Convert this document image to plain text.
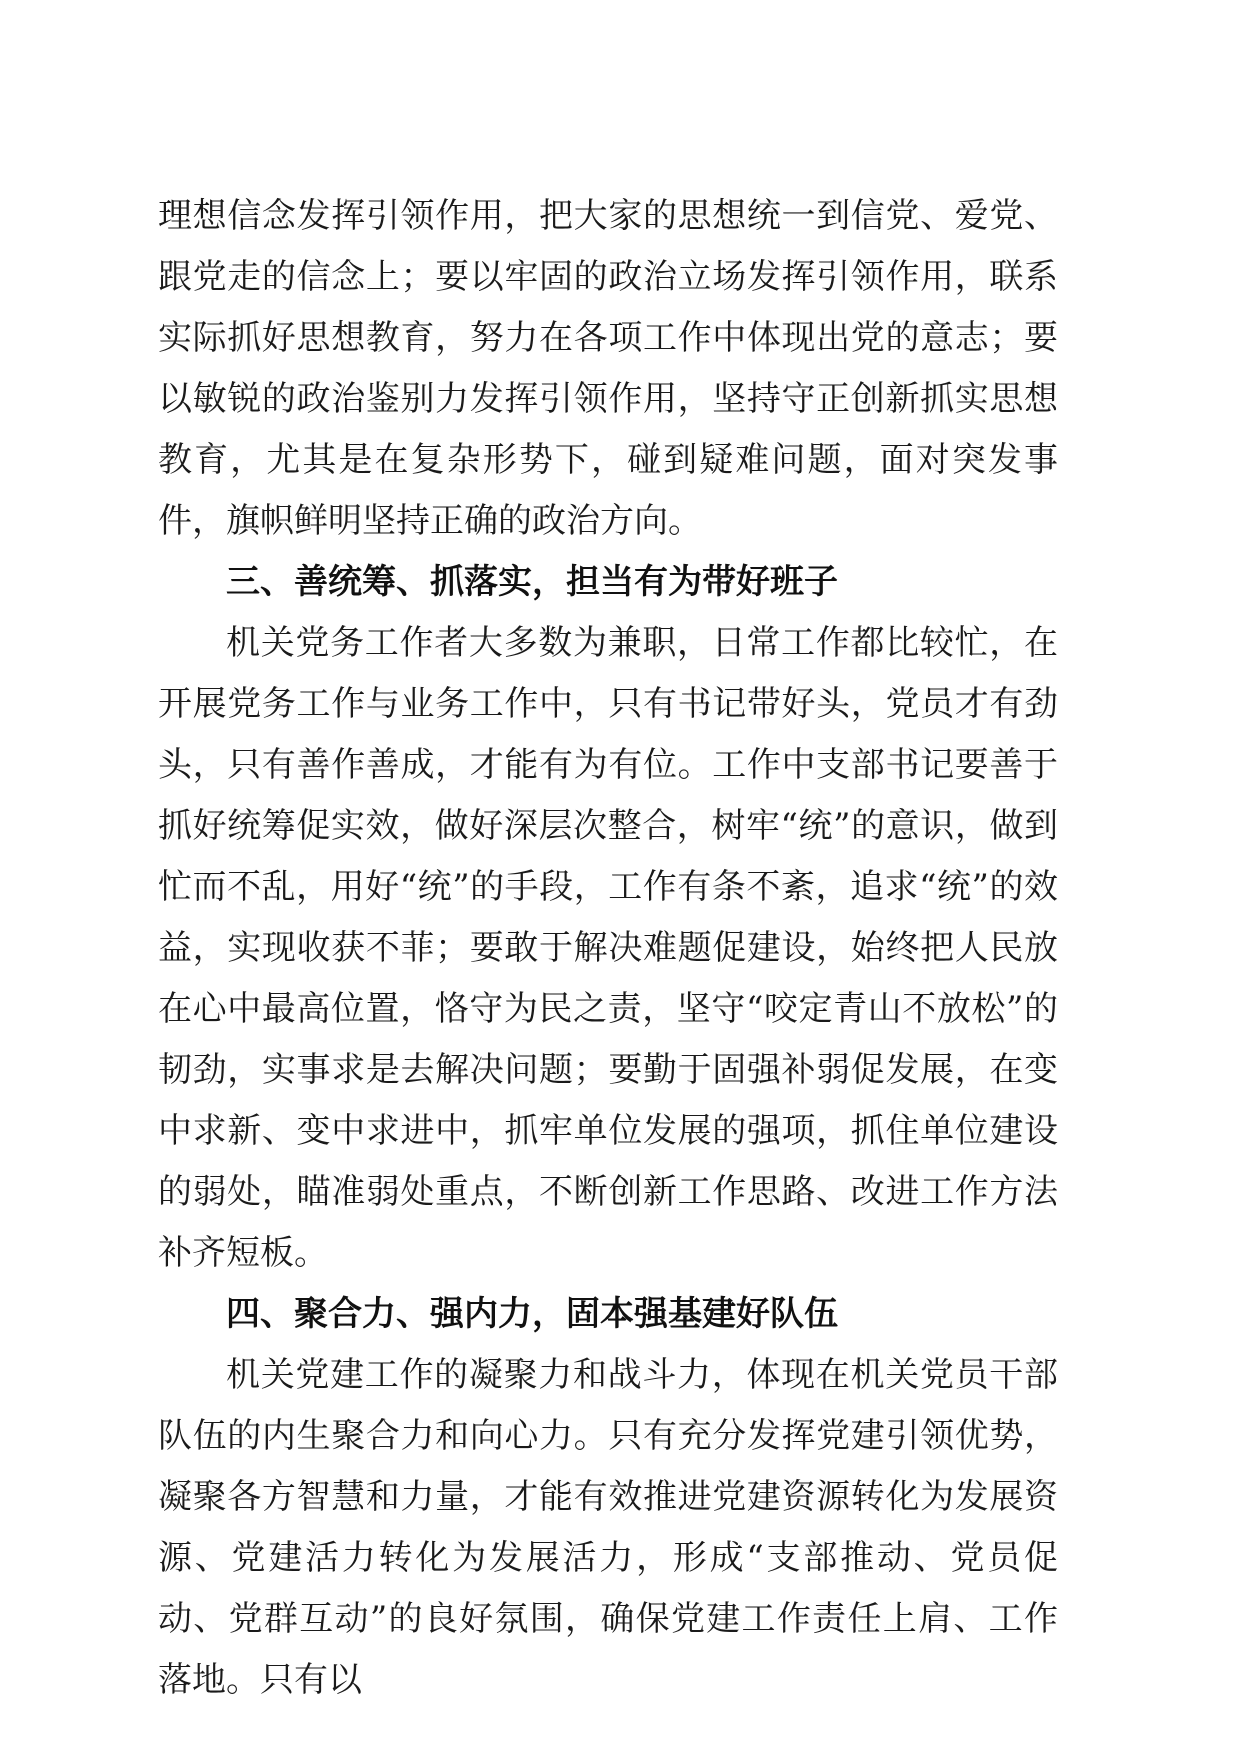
理想信念发挥引领作用，把大家的思想统一到信党、爱党、跟党走的信念上；要以牢固的政治立场发挥引领作用，联系实际抓好思想教育，努力在各项工作中体现出党的意志；要以敏锐的政治鉴别力发挥引领作用，坚持守正创新抓实思想教育，尤其是在复杂形势下，碰到疑难问题，面对突发事件，旗帜鲜明坚持正确的政治方向。

三、善统筹、抓落实，担当有为带好班子

机关党务工作者大多数为兼职，日常工作都比较忙，在开展党务工作与业务工作中，只有书记带好头，党员才有劲头，只有善作善成，才能有为有位。工作中支部书记要善于抓好统筹促实效，做好深层次整合，树牢“统”的意识，做到忙而不乱，用好“统”的手段，工作有条不紊，追求“统”的效益，实现收获不菲；要敢于解决难题促建设，始终把人民放在心中最高位置，恪守为民之责，坚守“咬定青山不放松”的韧劲，实事求是去解决问题；要勤于固强补弱促发展，在变中求新、变中求进中，抓牢单位发展的强项，抓住单位建设的弱处，瞄准弱处重点，不断创新工作思路、改进工作方法补齐短板。

四、聚合力、强内力，固本强基建好队伍

机关党建工作的凝聚力和战斗力，体现在机关党员干部队伍的内生聚合力和向心力。只有充分发挥党建引领优势，凝聚各方智慧和力量，才能有效推进党建资源转化为发展资源、党建活力转化为发展活力，形成“支部推动、党员促动、党群互动”的良好氛围，确保党建工作责任上肩、工作落地。只有以
